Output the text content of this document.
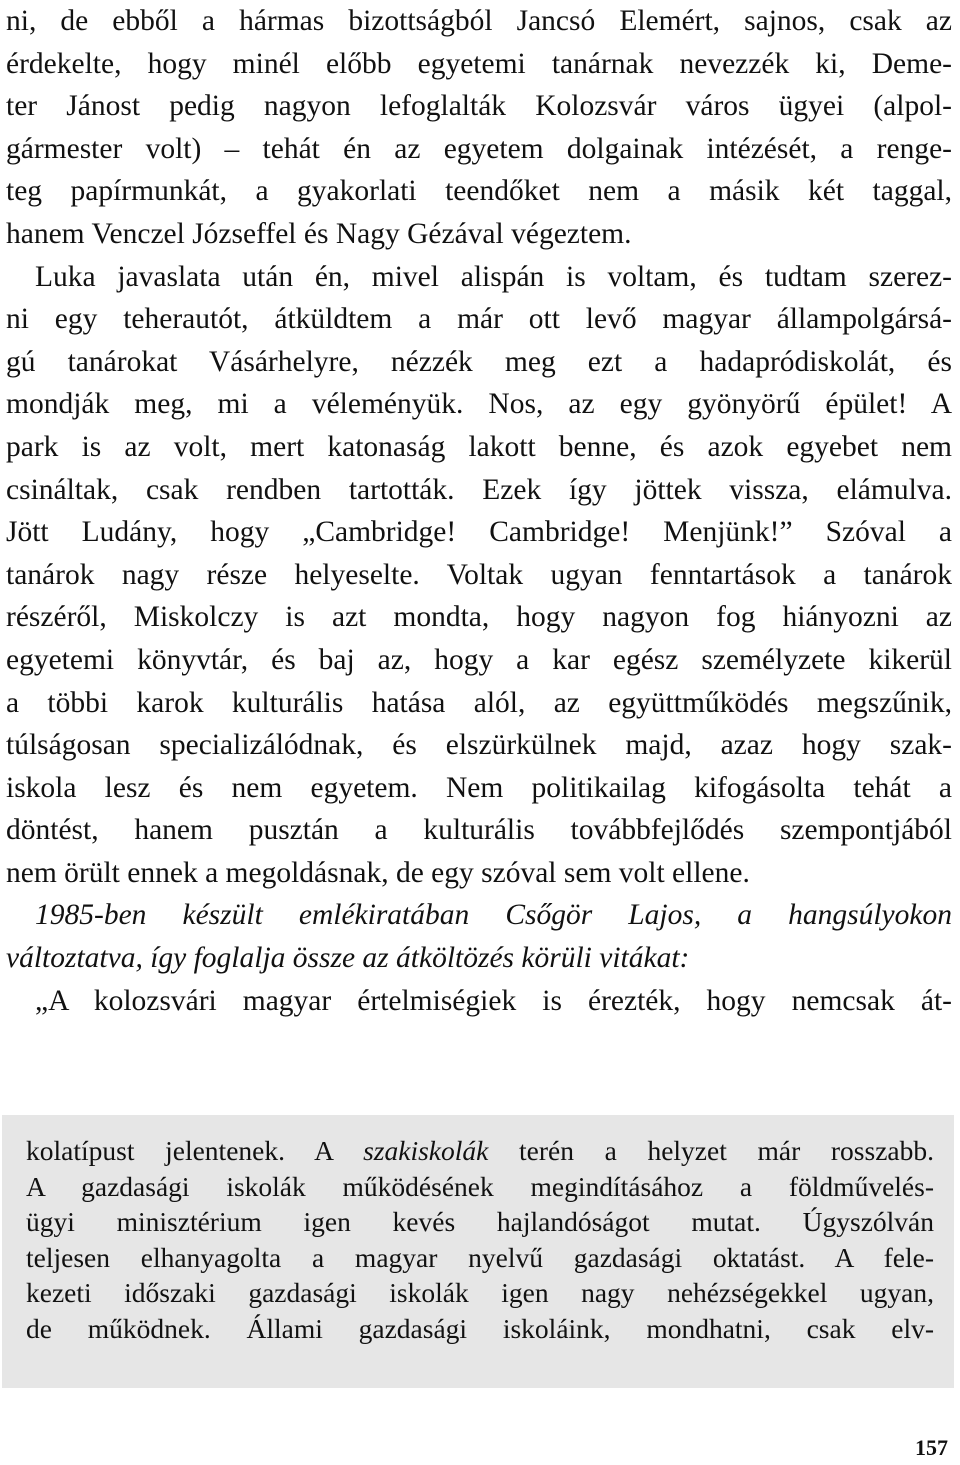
ni, de ebből a hármas bizottságból Jancsó Elemért, sajnos, csak az
érdekelte, hogy minél előbb egyetemi tanárnak nevezzék ki, Deme-
ter Jánost pedig nagyon lefoglalták Kolozsvár város ügyei (alpol-
gármester volt) – tehát én az egyetem dolgainak intézését, a renge-
teg papírmunkát, a gyakorlati teendőket nem a másik két taggal,
hanem Venczel Józseffel és Nagy Gézával végeztem.
Luka javaslata után én, mivel alispán is voltam, és tudtam szerez-
ni egy teherautót, átküldtem a már ott levő magyar állampolgársá-
gú tanárokat Vásárhelyre, nézzék meg ezt a hadapródiskolát, és
mondják meg, mi a véleményük. Nos, az egy gyönyörű épület! A
park is az volt, mert katonaság lakott benne, és azok egyebet nem
csináltak, csak rendben tartották. Ezek így jöttek vissza, elámulva.
Jött Ludány, hogy „Cambridge! Cambridge! Menjünk!” Szóval a
tanárok nagy része helyeselte. Voltak ugyan fenntartások a tanárok
részéről, Miskolczy is azt mondta, hogy nagyon fog hiányozni az
egyetemi könyvtár, és baj az, hogy a kar egész személyzete kikerül
a többi karok kulturális hatása alól, az együttműködés megszűnik,
túlságosan specializálódnak, és elszürkülnek majd, azaz hogy szak-
iskola lesz és nem egyetem. Nem politikailag kifogásolta tehát a
döntést, hanem pusztán a kulturális továbbfejlődés szempontjából
nem örült ennek a megoldásnak, de egy szóval sem volt ellene.
1985-ben készült emlékiratában Csőgör Lajos, a hangsúlyokon
változtatva, így foglalja össze az átköltözés körüli vitákat:
„A kolozsvári magyar értelmiségiek is érezték, hogy nemcsak át-
kolatípust jelentenek. A szakiskolák terén a helyzet már rosszabb.
A gazdasági iskolák működésének megindításához a földművelés-
ügyi minisztérium igen kevés hajlandóságot mutat. Úgyszólván
teljesen elhanyagolta a magyar nyelvű gazdasági oktatást. A fele-
kezeti időszaki gazdasági iskolák igen nagy nehézségekkel ugyan,
de működnek. Állami gazdasági iskoláink, mondhatni, csak elv-
157
